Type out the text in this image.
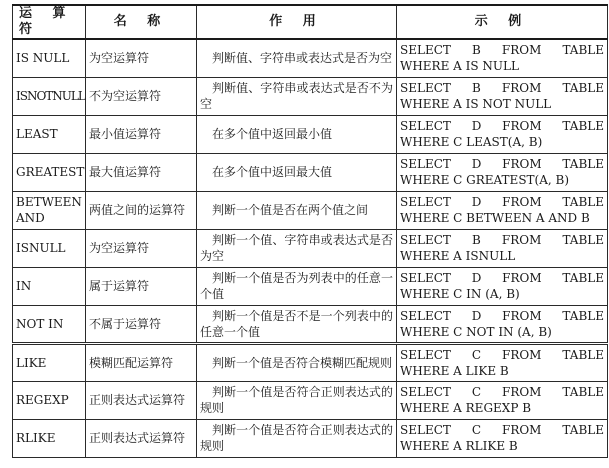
运 算 符	名 称	作 用	示 例
IS NULL	为空运算符	判断值、字符串或表达式是否为空	SELECT B FROM TABLE WHERE A IS NULL
ISNOTNULL	不为空运算符	判断值、字符串或表达式是否不为空	SELECT B FROM TABLE WHERE A IS NOT NULL
LEAST	最小值运算符	在多个值中返回最小值	SELECT D FROM TABLE WHERE C LEAST(A, B)
GREATEST	最大值运算符	在多个值中返回最大值	SELECT D FROM TABLE WHERE C GREATEST(A, B)
BETWEEN AND	两值之间的运算符	判断一个值是否在两个值之间	SELECT D FROM TABLE WHERE C BETWEEN A AND B
ISNULL	为空运算符	判断一个值、字符串或表达式是否为空	SELECT B FROM TABLE WHERE A ISNULL
IN	属于运算符	判断一个值是否为列表中的任意一个值	SELECT D FROM TABLE WHERE C IN (A, B)
NOT IN	不属于运算符	判断一个值是否不是一个列表中的任意一个值	SELECT D FROM TABLE WHERE C NOT IN (A, B)
LIKE	模糊匹配运算符	判断一个值是否符合模糊匹配规则	SELECT C FROM TABLE WHERE A LIKE B
REGEXP	正则表达式运算符	判断一个值是否符合正则表达式的规则	SELECT C FROM TABLE WHERE A REGEXP B
RLIKE	正则表达式运算符	判断一个值是否符合正则表达式的规则	SELECT C FROM TABLE WHERE A RLIKE B
